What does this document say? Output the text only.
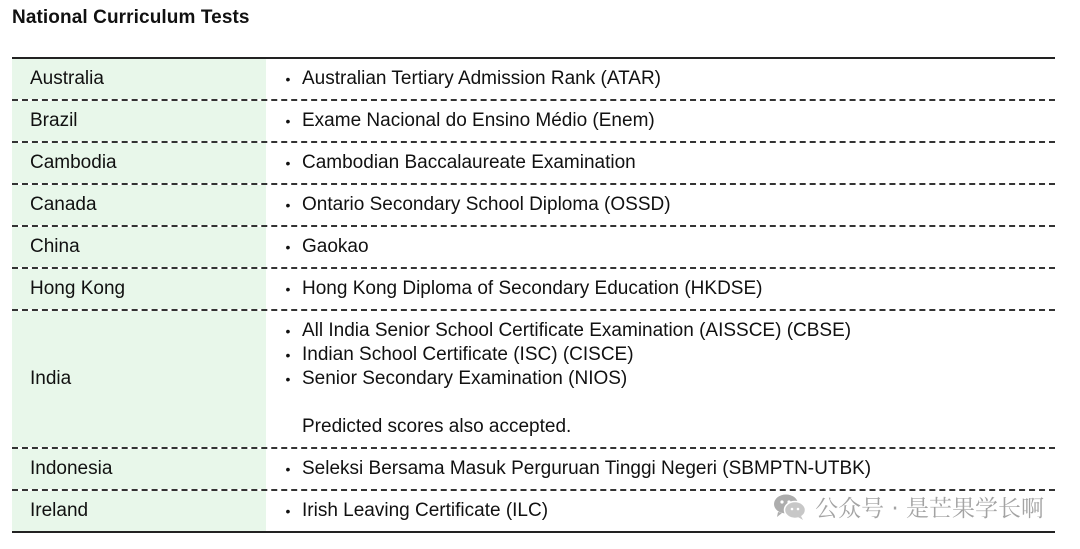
National Curriculum Tests
Australia	• Australian Tertiary Admission Rank (ATAR)
Brazil	• Exame Nacional do Ensino Médio (Enem)
Cambodia	• Cambodian Baccalaureate Examination
Canada	• Ontario Secondary School Diploma (OSSD)
China	• Gaokao
Hong Kong	• Hong Kong Diploma of Secondary Education (HKDSE)
India
• All India Senior School Certificate Examination (AISSCE) (CBSE)
• Indian School Certificate (ISC) (CISCE)
• Senior Secondary Examination (NIOS)
Predicted scores also accepted.
Indonesia	• Seleksi Bersama Masuk Perguruan Tinggi Negeri (SBMPTN-UTBK)
Ireland	• Irish Leaving Certificate (ILC)	公众号 · 是芒果学长啊
